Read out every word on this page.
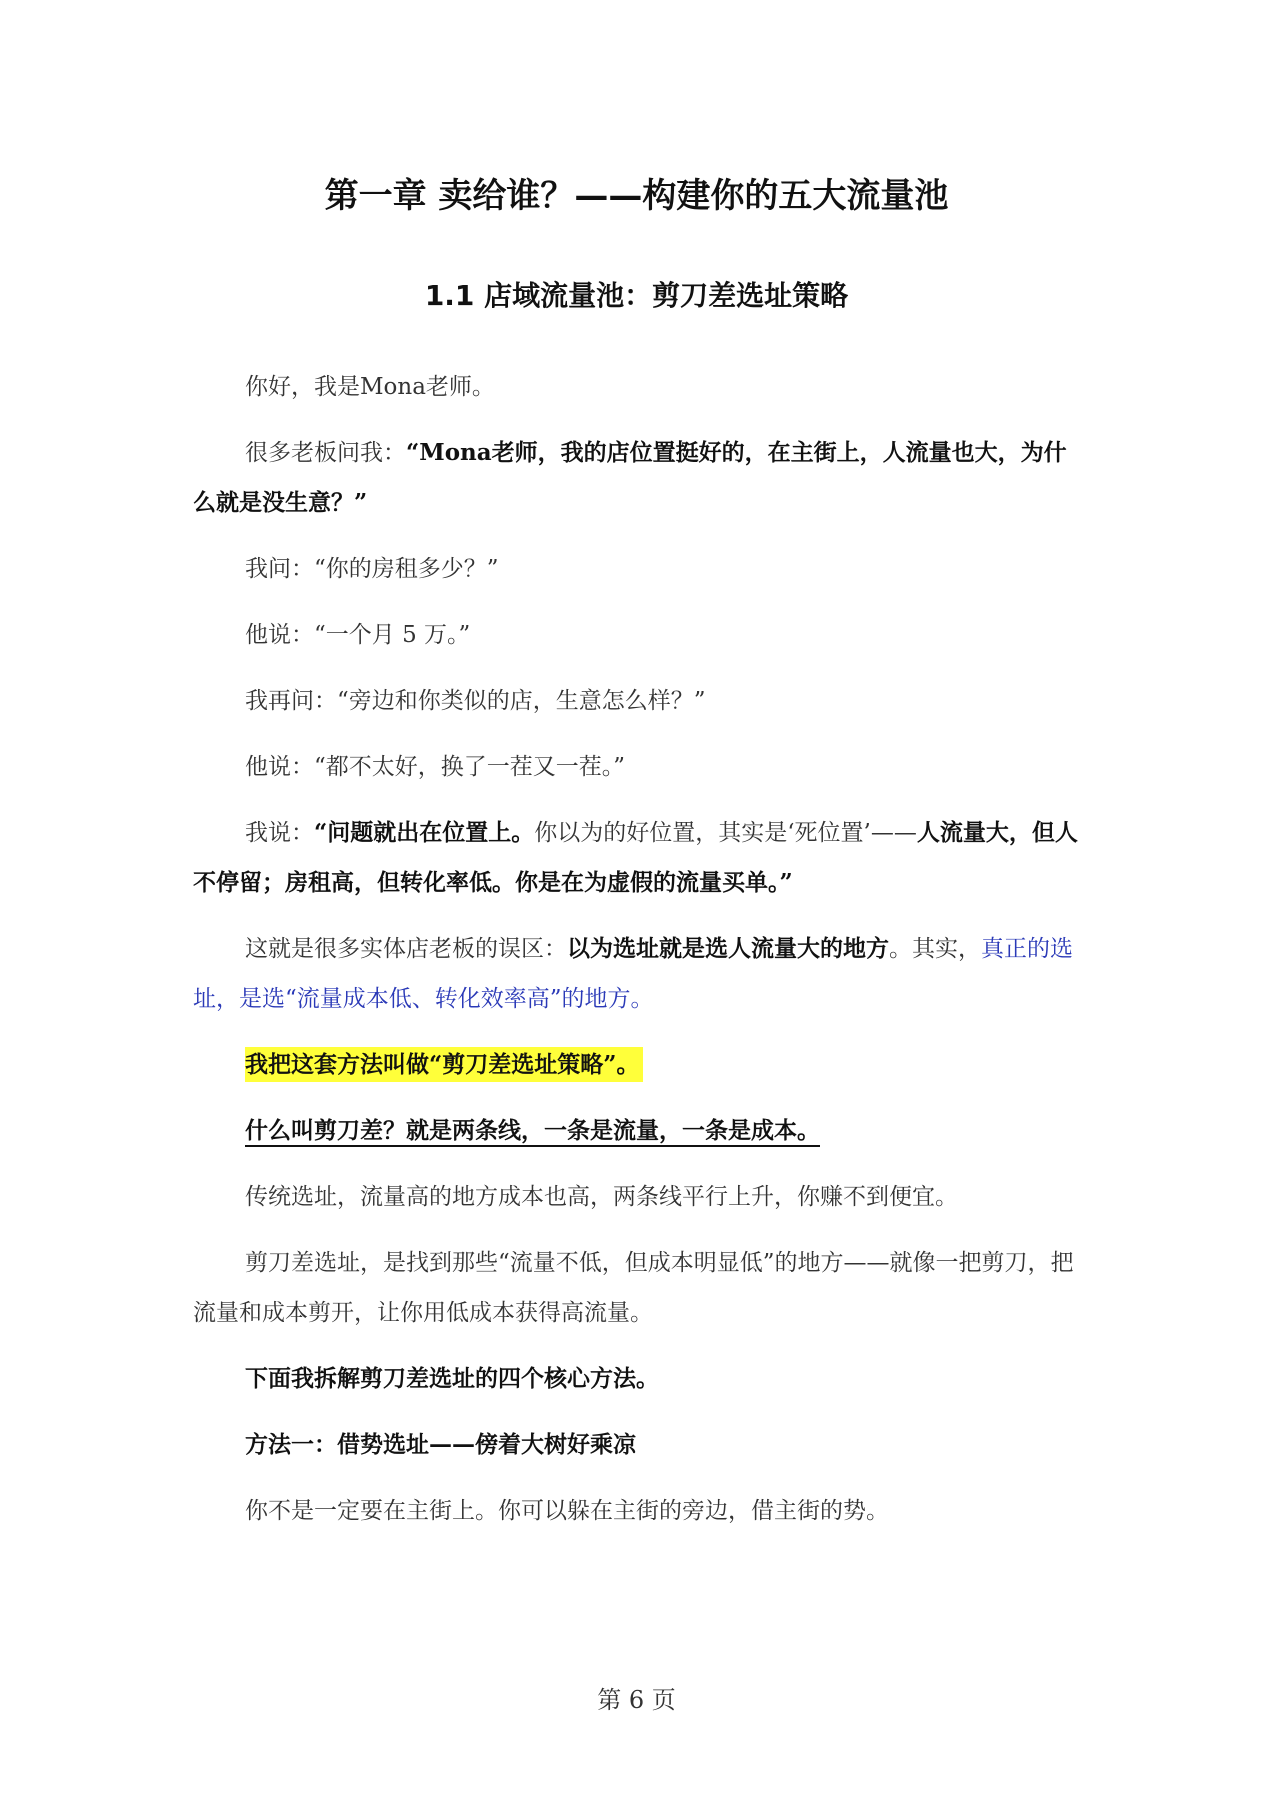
第一章 卖给谁？——构建你的五大流量池
1.1 店域流量池：剪刀差选址策略

你好，我是Mona老师。

很多老板问我：“Mona老师，我的店位置挺好的，在主街上，人流量也大，为什么就是没生意？”

我问：“你的房租多少？”

他说：“一个月 5 万。”

我再问：“旁边和你类似的店，生意怎么样？”

他说：“都不太好，换了一茬又一茬。”

我说：“问题就出在位置上。你以为的好位置，其实是‘死位置’——人流量大，但人不停留；房租高，但转化率低。你是在为虚假的流量买单。”

这就是很多实体店老板的误区：以为选址就是选人流量大的地方。其实，真正的选址，是选“流量成本低、转化效率高”的地方。

我把这套方法叫做“剪刀差选址策略”。

什么叫剪刀差？就是两条线，一条是流量，一条是成本。

传统选址，流量高的地方成本也高，两条线平行上升，你赚不到便宜。

剪刀差选址，是找到那些“流量不低，但成本明显低”的地方——就像一把剪刀，把流量和成本剪开，让你用低成本获得高流量。

下面我拆解剪刀差选址的四个核心方法。

方法一：借势选址——傍着大树好乘凉

你不是一定要在主街上。你可以躲在主街的旁边，借主街的势。

第 6 页
